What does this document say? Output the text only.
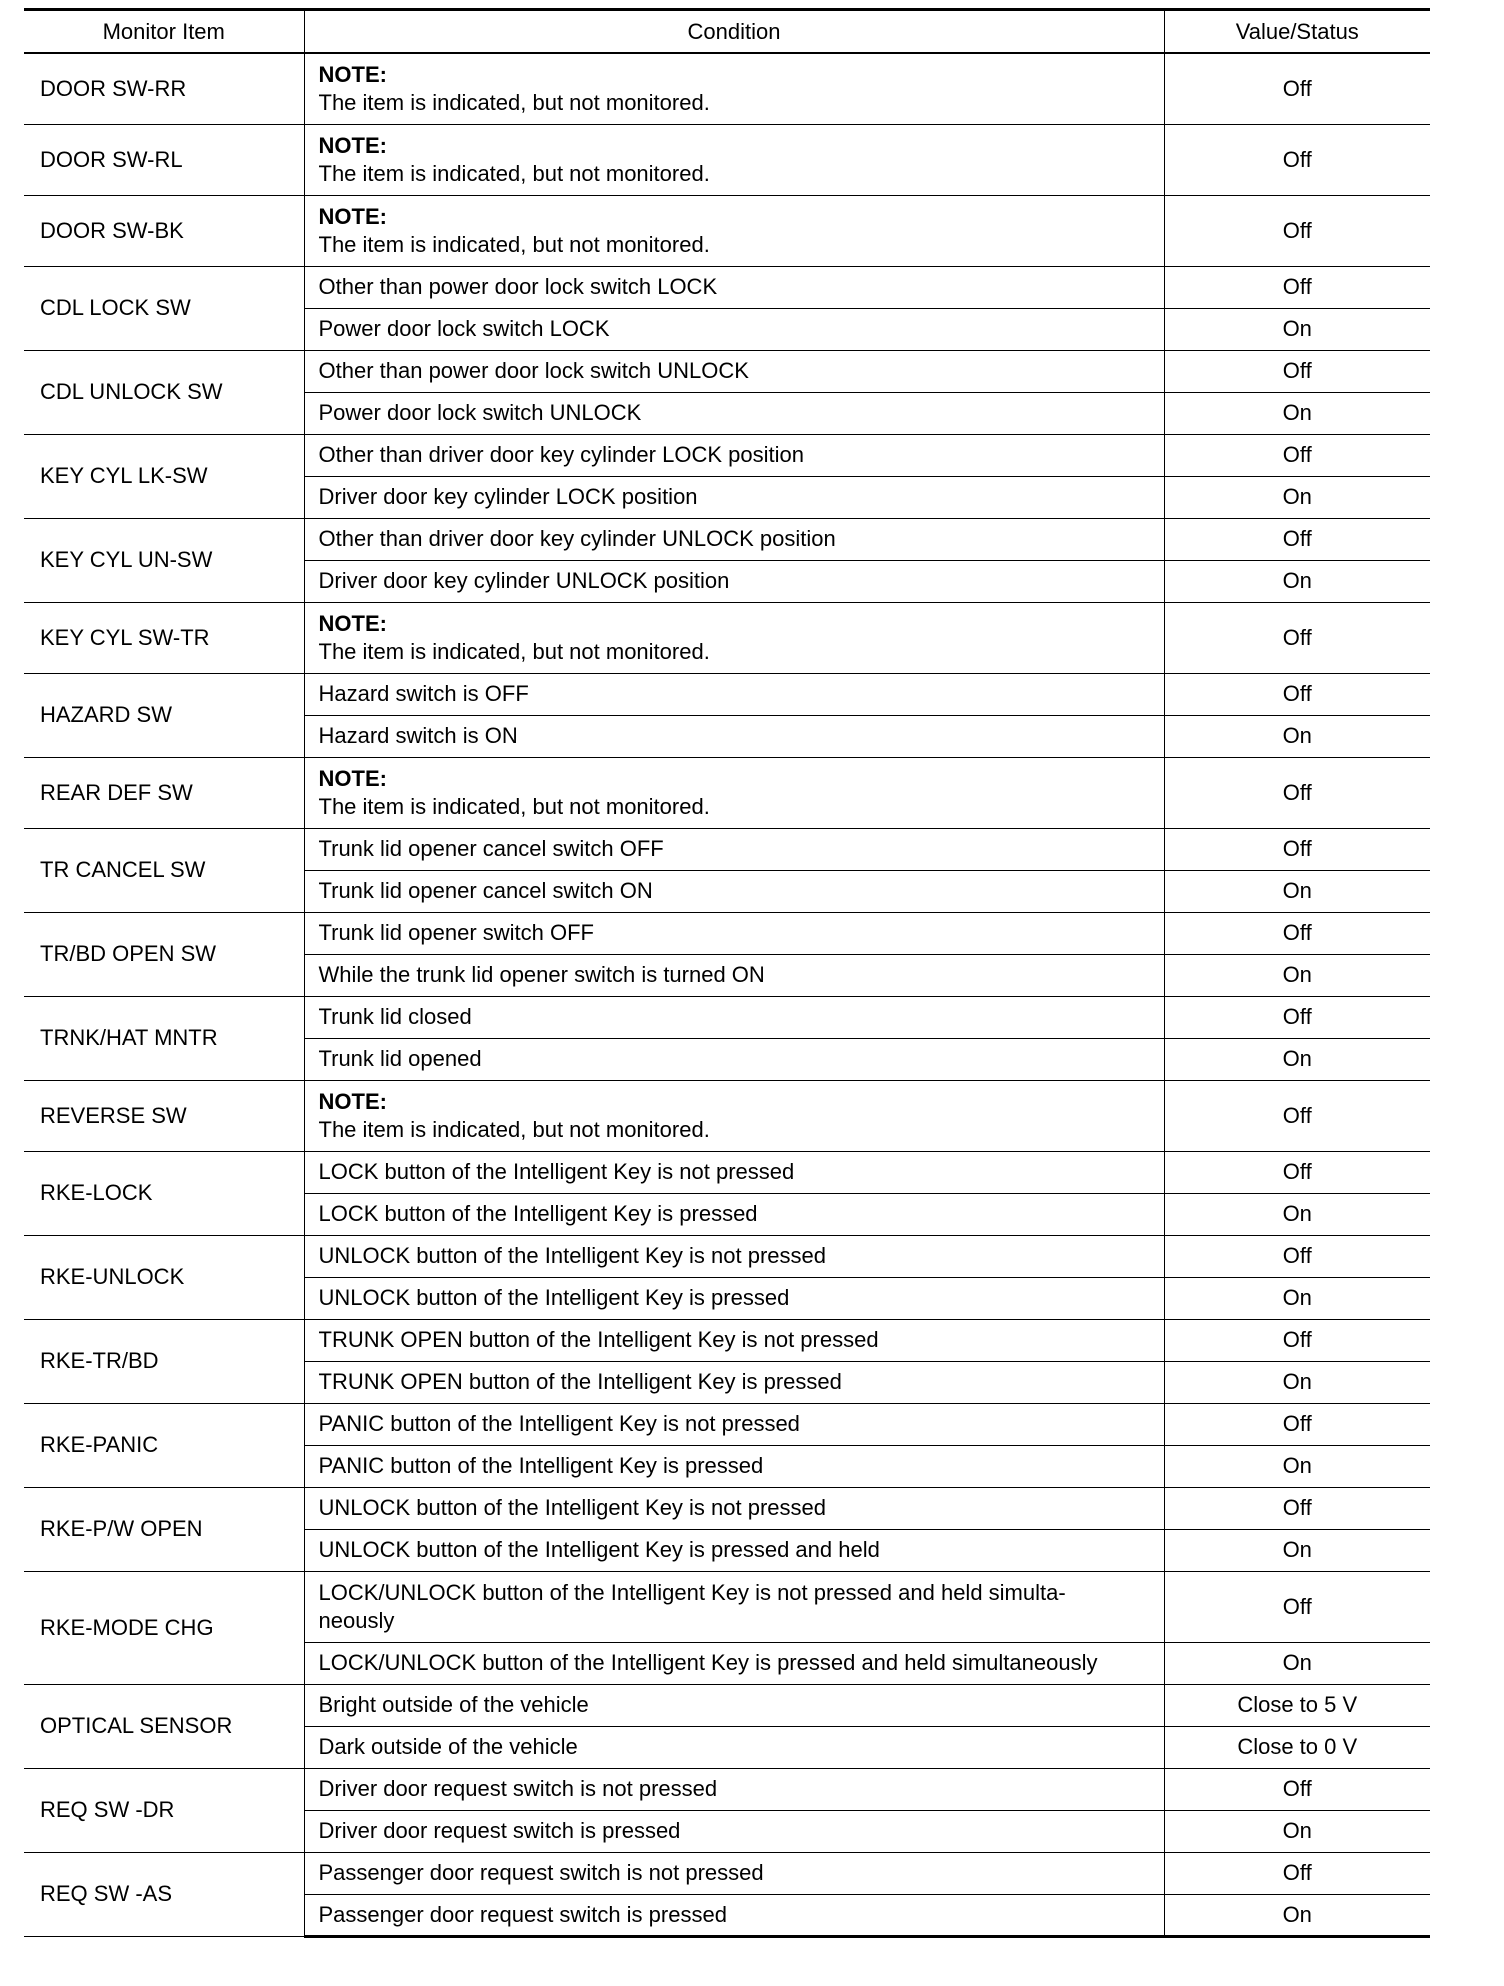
Monitor Item	Condition	Value/Status
DOOR SW-RR	NOTE:
The item is indicated, but not monitored.	Off
DOOR SW-RL	NOTE:
The item is indicated, but not monitored.	Off
DOOR SW-BK	NOTE:
The item is indicated, but not monitored.	Off
CDL LOCK SW	Other than power door lock switch LOCK	Off

	Power door lock switch LOCK	On
CDL UNLOCK SW	Other than power door lock switch UNLOCK	Off

	Power door lock switch UNLOCK	On
KEY CYL LK-SW	Other than driver door key cylinder LOCK position	Off

	Driver door key cylinder LOCK position	On
KEY CYL UN-SW	Other than driver door key cylinder UNLOCK position	Off

	Driver door key cylinder UNLOCK position	On
KEY CYL SW-TR	NOTE:
The item is indicated, but not monitored.	Off
HAZARD SW	Hazard switch is OFF	Off

	Hazard switch is ON	On
REAR DEF SW	NOTE:
The item is indicated, but not monitored.	Off
TR CANCEL SW	Trunk lid opener cancel switch OFF	Off

	Trunk lid opener cancel switch ON	On
TR/BD OPEN SW	Trunk lid opener switch OFF	Off

	While the trunk lid opener switch is turned ON	On
TRNK/HAT MNTR	Trunk lid closed	Off

	Trunk lid opened	On
REVERSE SW	NOTE:
The item is indicated, but not monitored.	Off
RKE-LOCK	LOCK button of the Intelligent Key is not pressed	Off

	LOCK button of the Intelligent Key is pressed	On
RKE-UNLOCK	UNLOCK button of the Intelligent Key is not pressed	Off

	UNLOCK button of the Intelligent Key is pressed	On
RKE-TR/BD	TRUNK OPEN button of the Intelligent Key is not pressed	Off

	TRUNK OPEN button of the Intelligent Key is pressed	On
RKE-PANIC	PANIC button of the Intelligent Key is not pressed	Off

	PANIC button of the Intelligent Key is pressed	On
RKE-P/W OPEN	UNLOCK button of the Intelligent Key is not pressed	Off

	UNLOCK button of the Intelligent Key is pressed and held	On
RKE-MODE CHG	LOCK/UNLOCK button of the Intelligent Key is not pressed and held simulta-
neously	Off

	LOCK/UNLOCK button of the Intelligent Key is pressed and held simultaneously	On
OPTICAL SENSOR	Bright outside of the vehicle	Close to 5 V

	Dark outside of the vehicle	Close to 0 V
REQ SW -DR	Driver door request switch is not pressed	Off

	Driver door request switch is pressed	On
REQ SW -AS	Passenger door request switch is not pressed	Off

	Passenger door request switch is pressed	On
